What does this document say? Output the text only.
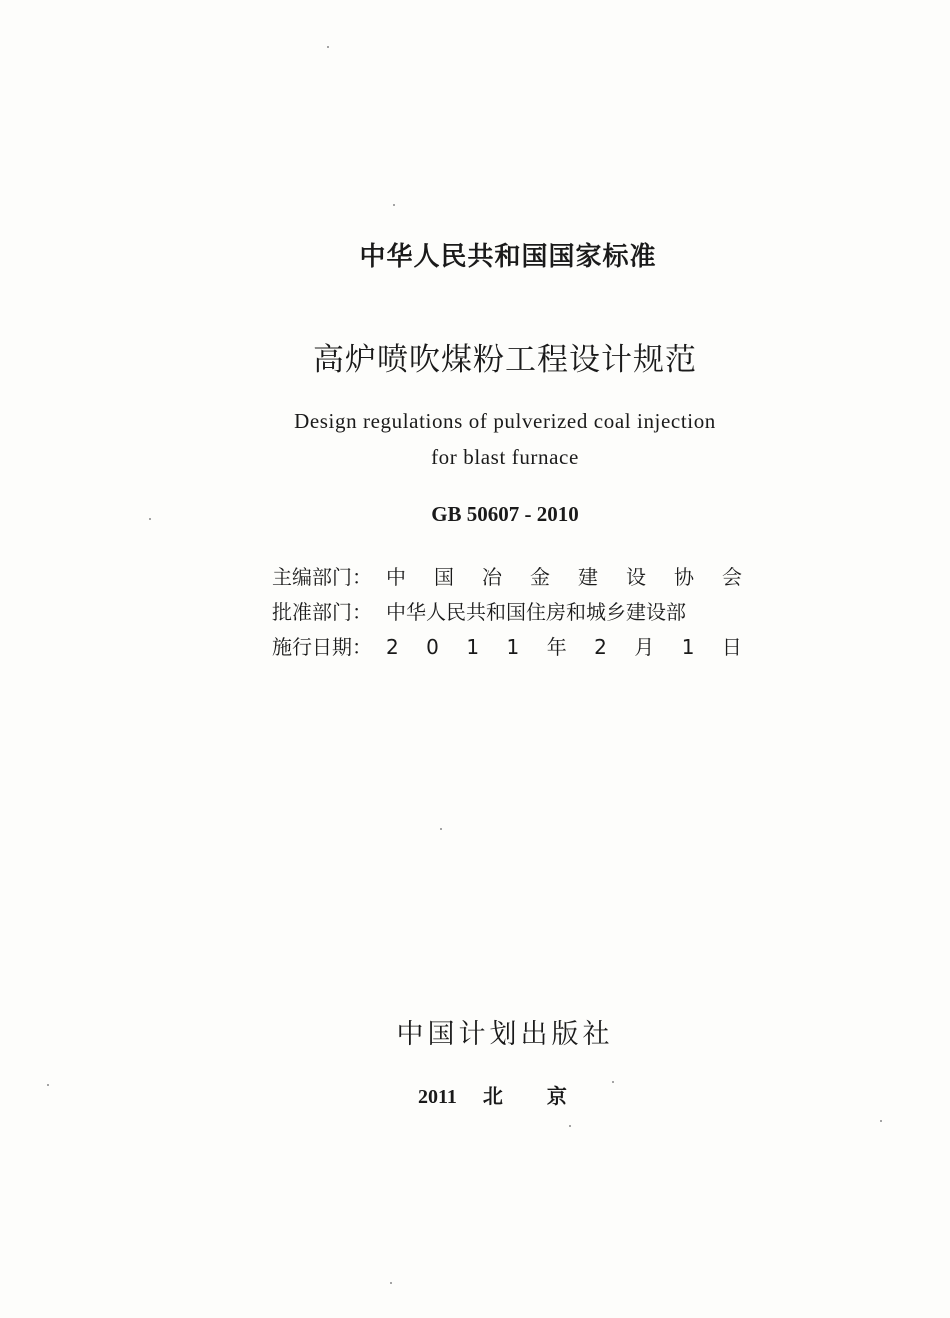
中华人民共和国国家标准

高炉喷吹煤粉工程设计规范

Design regulations of pulverized coal injection
for blast furnace

GB 50607 - 2010

主编部门： 中 国 冶 金 建 设 协 会
批准部门： 中华人民共和国住房和城乡建设部
施行日期： 2 0 1 1 年 2 月 1 日

中国计划出版社

2011 北 京
